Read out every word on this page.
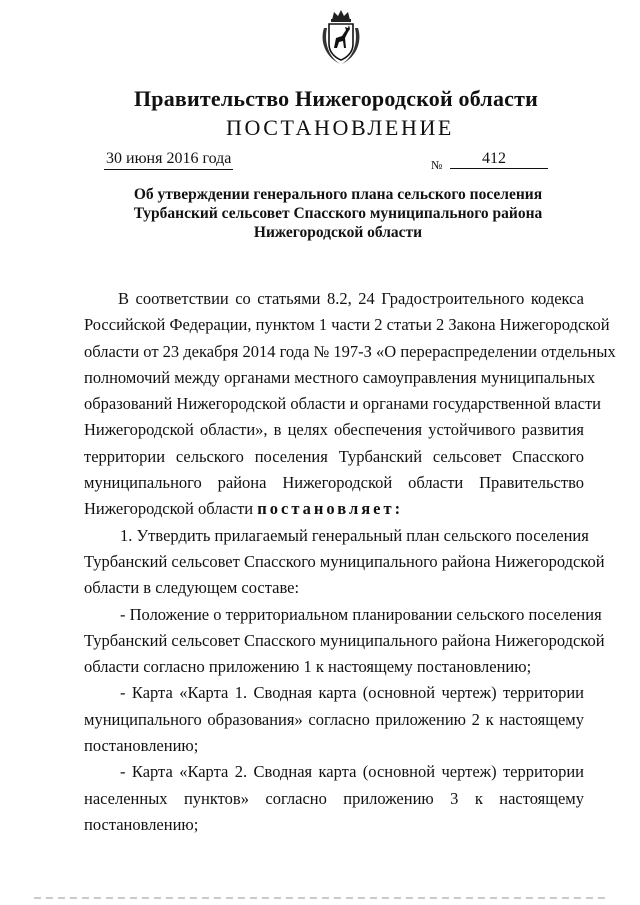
Правительство Нижегородской области
ПОСТАНОВЛЕНИЕ
30 июня 2016 года	№ 412
Об утверждении генерального плана сельского поселения
Турбанский сельсовет Спасского муниципального района
Нижегородской области
В соответствии со статьями 8.2, 24 Градостроительного кодекса
Российской Федерации, пунктом 1 части 2 статьи 2 Закона Нижегородской
области от 23 декабря 2014 года № 197-З «О перераспределении отдельных
полномочий между органами местного самоуправления муниципальных
образований Нижегородской области и органами государственной власти
Нижегородской области», в целях обеспечения устойчивого развития
территории сельского поселения Турбанский сельсовет Спасского
муниципального района Нижегородской области Правительство
Нижегородской области постановляет:
1. Утвердить прилагаемый генеральный план сельского поселения
Турбанский сельсовет Спасского муниципального района Нижегородской
области в следующем составе:
- Положение о территориальном планировании сельского поселения
Турбанский сельсовет Спасского муниципального района Нижегородской
области согласно приложению 1 к настоящему постановлению;
- Карта «Карта 1. Сводная карта (основной чертеж) территории
муниципального образования» согласно приложению 2 к настоящему
постановлению;
- Карта «Карта 2. Сводная карта (основной чертеж) территории
населенных пунктов» согласно приложению 3 к настоящему
постановлению;
